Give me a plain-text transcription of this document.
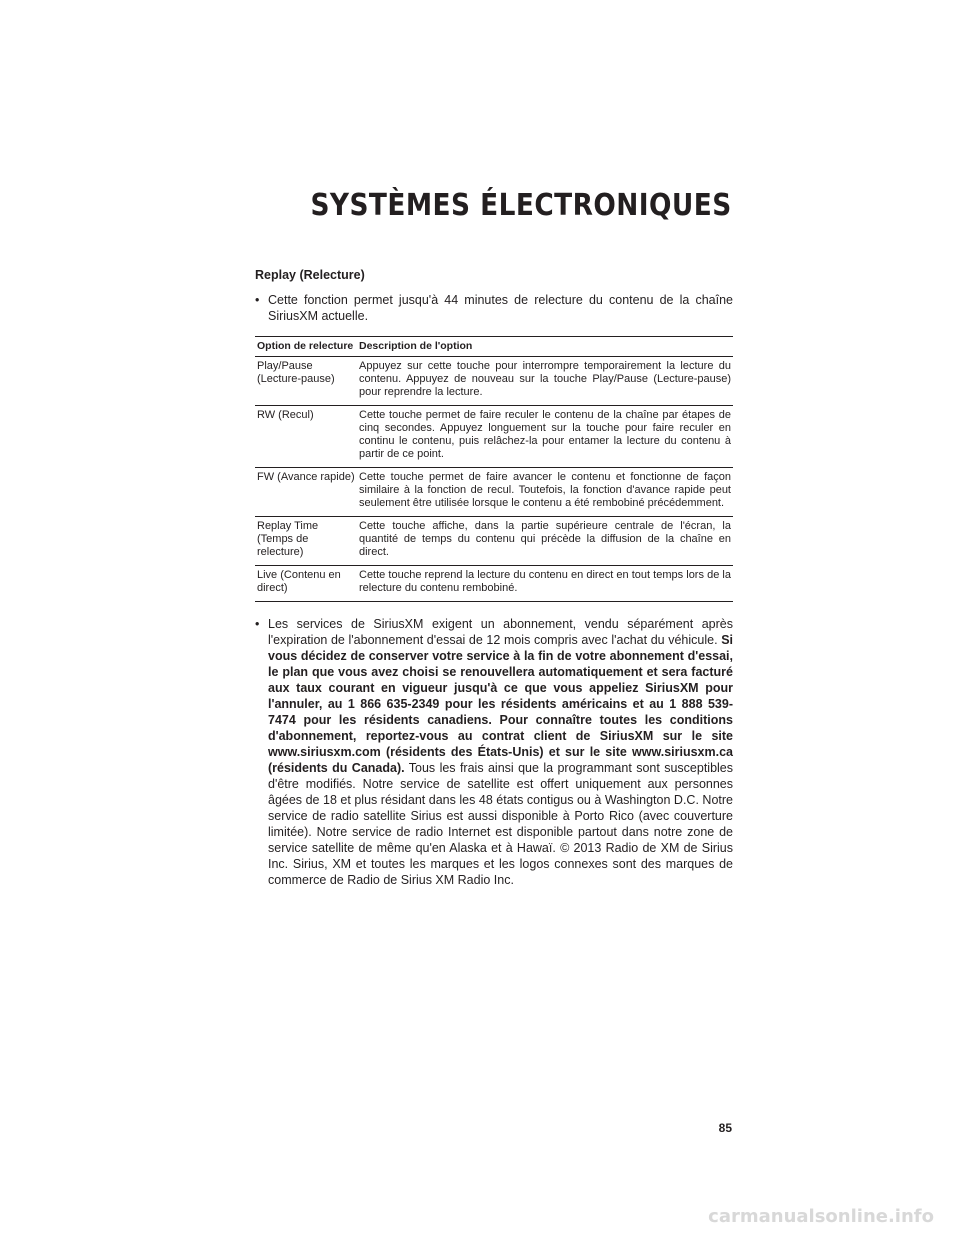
SYSTÈMES ÉLECTRONIQUES

Replay (Relecture)

• Cette fonction permet jusqu'à 44 minutes de relecture du contenu de la chaîne SiriusXM actuelle.

Option de relecture	Description de l'option
Play/Pause (Lecture-pause)	Appuyez sur cette touche pour interrompre temporairement la lecture du contenu. Appuyez de nouveau sur la touche Play/Pause (Lecture-pause) pour reprendre la lecture.
RW (Recul)	Cette touche permet de faire reculer le contenu de la chaîne par étapes de cinq secondes. Appuyez longuement sur la touche pour faire reculer en continu le contenu, puis relâchez-la pour entamer la lecture du contenu à partir de ce point.
FW (Avance rapide)	Cette touche permet de faire avancer le contenu et fonctionne de façon similaire à la fonction de recul. Toutefois, la fonction d'avance rapide peut seulement être utilisée lorsque le contenu a été rembobiné précédemment.
Replay Time (Temps de relecture)	Cette touche affiche, dans la partie supérieure centrale de l'écran, la quantité de temps du contenu qui précède la diffusion de la chaîne en direct.
Live (Contenu en direct)	Cette touche reprend la lecture du contenu en direct en tout temps lors de la relecture du contenu rembobiné.

• Les services de SiriusXM exigent un abonnement, vendu séparément après l'expiration de l'abonnement d'essai de 12 mois compris avec l'achat du véhicule. Si vous décidez de conserver votre service à la fin de votre abonnement d'essai, le plan que vous avez choisi se renouvellera automatiquement et sera facturé aux taux courant en vigueur jusqu'à ce que vous appeliez SiriusXM pour l'annuler, au 1 866 635-2349 pour les résidents américains et au 1 888 539-7474 pour les résidents canadiens. Pour connaître toutes les conditions d'abonnement, reportez-vous au contrat client de SiriusXM sur le site www.siriusxm.com (résidents des États-Unis) et sur le site www.siriusxm.ca (résidents du Canada). Tous les frais ainsi que la programmant sont susceptibles d'être modifiés. Notre service de satellite est offert uniquement aux personnes âgées de 18 et plus résidant dans les 48 états contigus ou à Washington D.C. Notre service de radio satellite Sirius est aussi disponible à Porto Rico (avec couverture limitée). Notre service de radio Internet est disponible partout dans notre zone de service satellite de même qu'en Alaska et à Hawaï. © 2013 Radio de XM de Sirius Inc. Sirius, XM et toutes les marques et les logos connexes sont des marques de commerce de Radio de Sirius XM Radio Inc.

85

carmanualsonline.info
